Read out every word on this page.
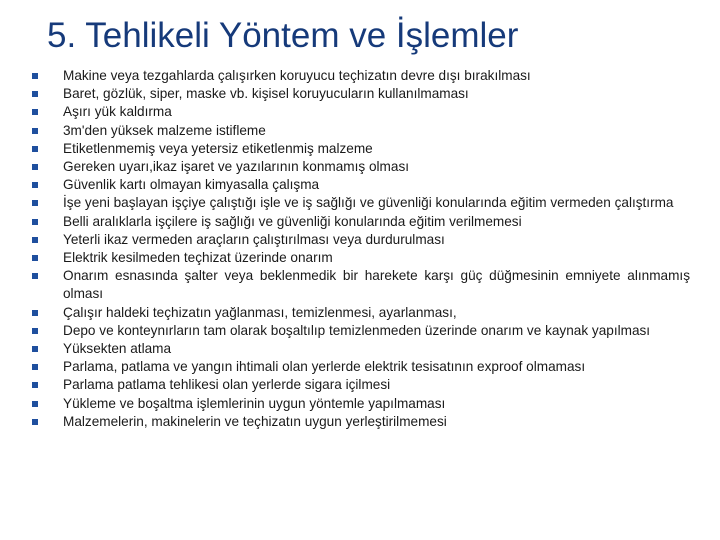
5. Tehlikeli Yöntem ve İşlemler
Makine veya tezgahlarda çalışırken koruyucu teçhizatın devre dışı bırakılması
Baret, gözlük, siper, maske vb. kişisel koruyucuların kullanılmaması
Aşırı yük kaldırma
3m'den yüksek malzeme istifleme
Etiketlenmemiş veya yetersiz etiketlenmiş malzeme
Gereken uyarı,ikaz işaret ve yazılarının konmamış olması
Güvenlik kartı olmayan kimyasalla çalışma
İşe yeni başlayan işçiye çalıştığı işle ve iş sağlığı ve güvenliği konularında eğitim vermeden çalıştırma
Belli aralıklarla işçilere iş sağlığı ve güvenliği konularında eğitim verilmemesi
Yeterli ikaz vermeden araçların çalıştırılması veya durdurulması
Elektrik kesilmeden teçhizat üzerinde onarım
Onarım esnasında şalter veya beklenmedik bir harekete karşı güç düğmesinin emniyete alınmamış olması
Çalışır haldeki teçhizatın yağlanması, temizlenmesi, ayarlanması,
Depo ve konteynırların tam olarak boşaltılıp temizlenmeden üzerinde onarım ve kaynak yapılması
Yüksekten atlama
Parlama, patlama ve yangın ihtimali olan yerlerde elektrik tesisatının exproof olmaması
Parlama patlama tehlikesi olan yerlerde sigara içilmesi
Yükleme ve boşaltma işlemlerinin uygun yöntemle yapılmaması
Malzemelerin, makinelerin ve teçhizatın uygun yerleştirilmemesi
